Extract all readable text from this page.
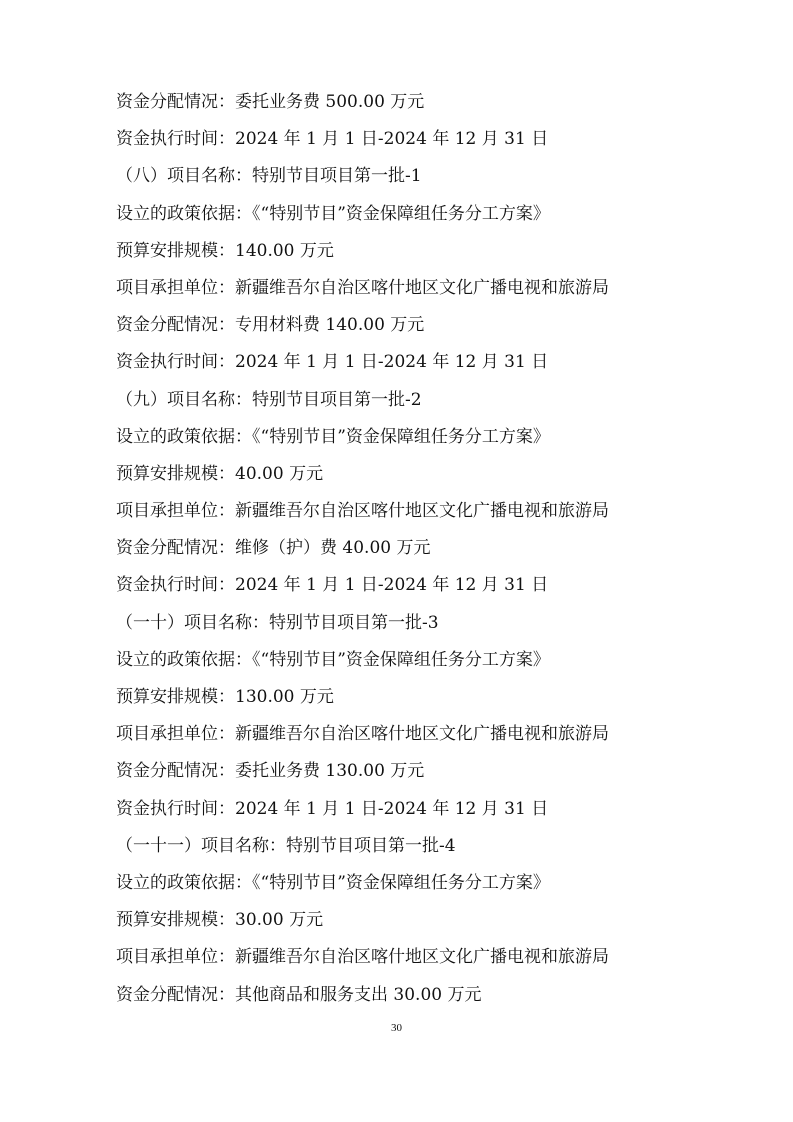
资金分配情况：委托业务费 500.00 万元
资金执行时间：2024 年 1 月 1 日-2024 年 12 月 31 日
（八）项目名称：特别节目项目第一批-1
设立的政策依据：《“特别节目”资金保障组任务分工方案》
预算安排规模：140.00 万元
项目承担单位：新疆维吾尔自治区喀什地区文化广播电视和旅游局
资金分配情况：专用材料费 140.00 万元
资金执行时间：2024 年 1 月 1 日-2024 年 12 月 31 日
（九）项目名称：特别节目项目第一批-2
设立的政策依据：《“特别节目”资金保障组任务分工方案》
预算安排规模：40.00 万元
项目承担单位：新疆维吾尔自治区喀什地区文化广播电视和旅游局
资金分配情况：维修（护）费 40.00 万元
资金执行时间：2024 年 1 月 1 日-2024 年 12 月 31 日
（一十）项目名称：特别节目项目第一批-3
设立的政策依据：《“特别节目”资金保障组任务分工方案》
预算安排规模：130.00 万元
项目承担单位：新疆维吾尔自治区喀什地区文化广播电视和旅游局
资金分配情况：委托业务费 130.00 万元
资金执行时间：2024 年 1 月 1 日-2024 年 12 月 31 日
（一十一）项目名称：特别节目项目第一批-4
设立的政策依据：《“特别节目”资金保障组任务分工方案》
预算安排规模：30.00 万元
项目承担单位：新疆维吾尔自治区喀什地区文化广播电视和旅游局
资金分配情况：其他商品和服务支出 30.00 万元
30
